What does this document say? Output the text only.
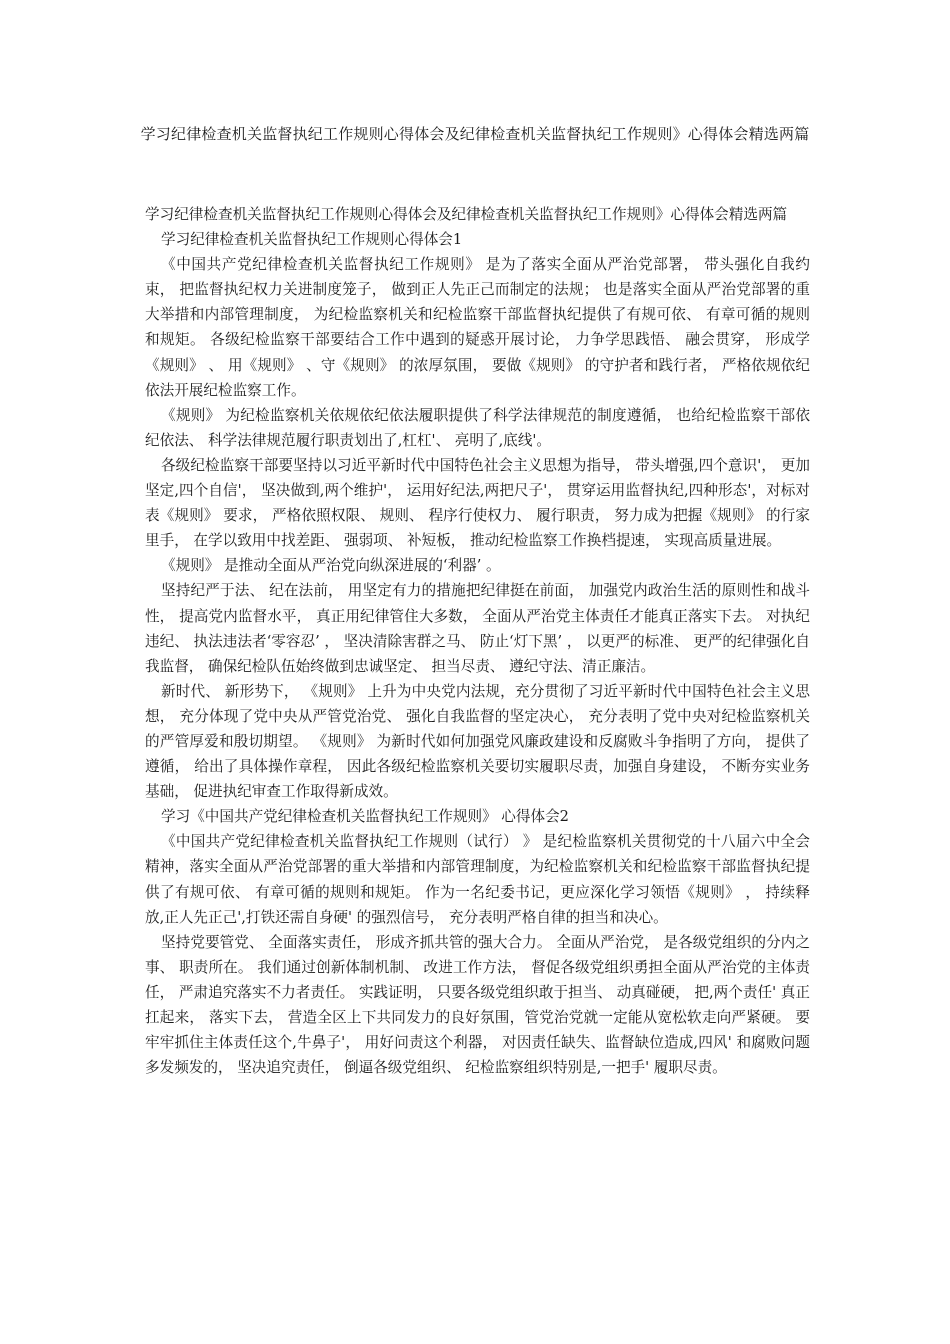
学习纪律检查机关监督执纪工作规则心得体会及纪律检查机关监督执纪工作规则》心得体会精选两篇

学习纪律检查机关监督执纪工作规则心得体会及纪律检查机关监督执纪工作规则》心得体会精选两篇

学习纪律检查机关监督执纪工作规则心得体会1

《中国共产党纪律检查机关监督执纪工作规则》 是为了落实全面从严治党部署， 带头强化自我约束， 把监督执纪权力关进制度笼子， 做到正人先正己而制定的法规； 也是落实全面从严治党部署的重大举措和内部管理制度， 为纪检监察机关和纪检监察干部监督执纪提供了有规可依、 有章可循的规则和规矩。 各级纪检监察干部要结合工作中遇到的疑惑开展讨论， 力争学思践悟、 融会贯穿， 形成学《规则》 、 用《规则》 、守《规则》 的浓厚氛围， 要做《规则》 的守护者和践行者， 严格依规依纪依法开展纪检监察工作。

《规则》 为纪检监察机关依规依纪依法履职提供了科学法律规范的制度遵循， 也给纪检监察干部依纪依法、 科学法律规范履行职责划出了,杠杠'、 亮明了,底线'。

各级纪检监察干部要坚持以习近平新时代中国特色社会主义思想为指导， 带头增强,四个意识'， 更加坚定,四个自信'， 坚决做到,两个维护'， 运用好纪法,两把尺子'， 贯穿运用监督执纪,四种形态'，对标对表《规则》 要求， 严格依照权限、 规则、 程序行使权力、 履行职责， 努力成为把握《规则》 的行家里手， 在学以致用中找差距、 强弱项、 补短板， 推动纪检监察工作换档提速， 实现高质量进展。

《规则》 是推动全面从严治党向纵深进展的‘利器’ 。

坚持纪严于法、 纪在法前， 用坚定有力的措施把纪律挺在前面， 加强党内政治生活的原则性和战斗性， 提高党内监督水平， 真正用纪律管住大多数， 全面从严治党主体责任才能真正落实下去。 对执纪违纪、 执法违法者‘零容忍’ ， 坚决清除害群之马、 防止‘灯下黑’ ， 以更严的标准、 更严的纪律强化自我监督， 确保纪检队伍始终做到忠诚坚定、 担当尽责、 遵纪守法、清正廉洁。

新时代、 新形势下， 《规则》 上升为中央党内法规，充分贯彻了习近平新时代中国特色社会主义思想， 充分体现了党中央从严管党治党、 强化自我监督的坚定决心， 充分表明了党中央对纪检监察机关的严管厚爱和殷切期望。 《规则》 为新时代如何加强党风廉政建设和反腐败斗争指明了方向， 提供了遵循， 给出了具体操作章程， 因此各级纪检监察机关要切实履职尽责，加强自身建设， 不断夯实业务基础， 促进执纪审查工作取得新成效。

学习《中国共产党纪律检查机关监督执纪工作规则》 心得体会2

《中国共产党纪律检查机关监督执纪工作规则（试行） 》 是纪检监察机关贯彻党的十八届六中全会精神，落实全面从严治党部署的重大举措和内部管理制度，为纪检监察机关和纪检监察干部监督执纪提供了有规可依、 有章可循的规则和规矩。 作为一名纪委书记，更应深化学习领悟《规则》 ， 持续释放,正人先正己',打铁还需自身硬' 的强烈信号， 充分表明严格自律的担当和决心。

坚持党要管党、 全面落实责任， 形成齐抓共管的强大合力。 全面从严治党， 是各级党组织的分内之事、 职责所在。 我们通过创新体制机制、 改进工作方法， 督促各级党组织勇担全面从严治党的主体责任， 严肃追究落实不力者责任。 实践证明， 只要各级党组织敢于担当、 动真碰硬， 把,两个责任' 真正扛起来， 落实下去， 营造全区上下共同发力的良好氛围，管党治党就一定能从宽松软走向严紧硬。 要牢牢抓住主体责任这个,牛鼻子'， 用好问责这个利器， 对因责任缺失、监督缺位造成,四风' 和腐败问题多发频发的， 坚决追究责任， 倒逼各级党组织、 纪检监察组织特别是,一把手' 履职尽责。
